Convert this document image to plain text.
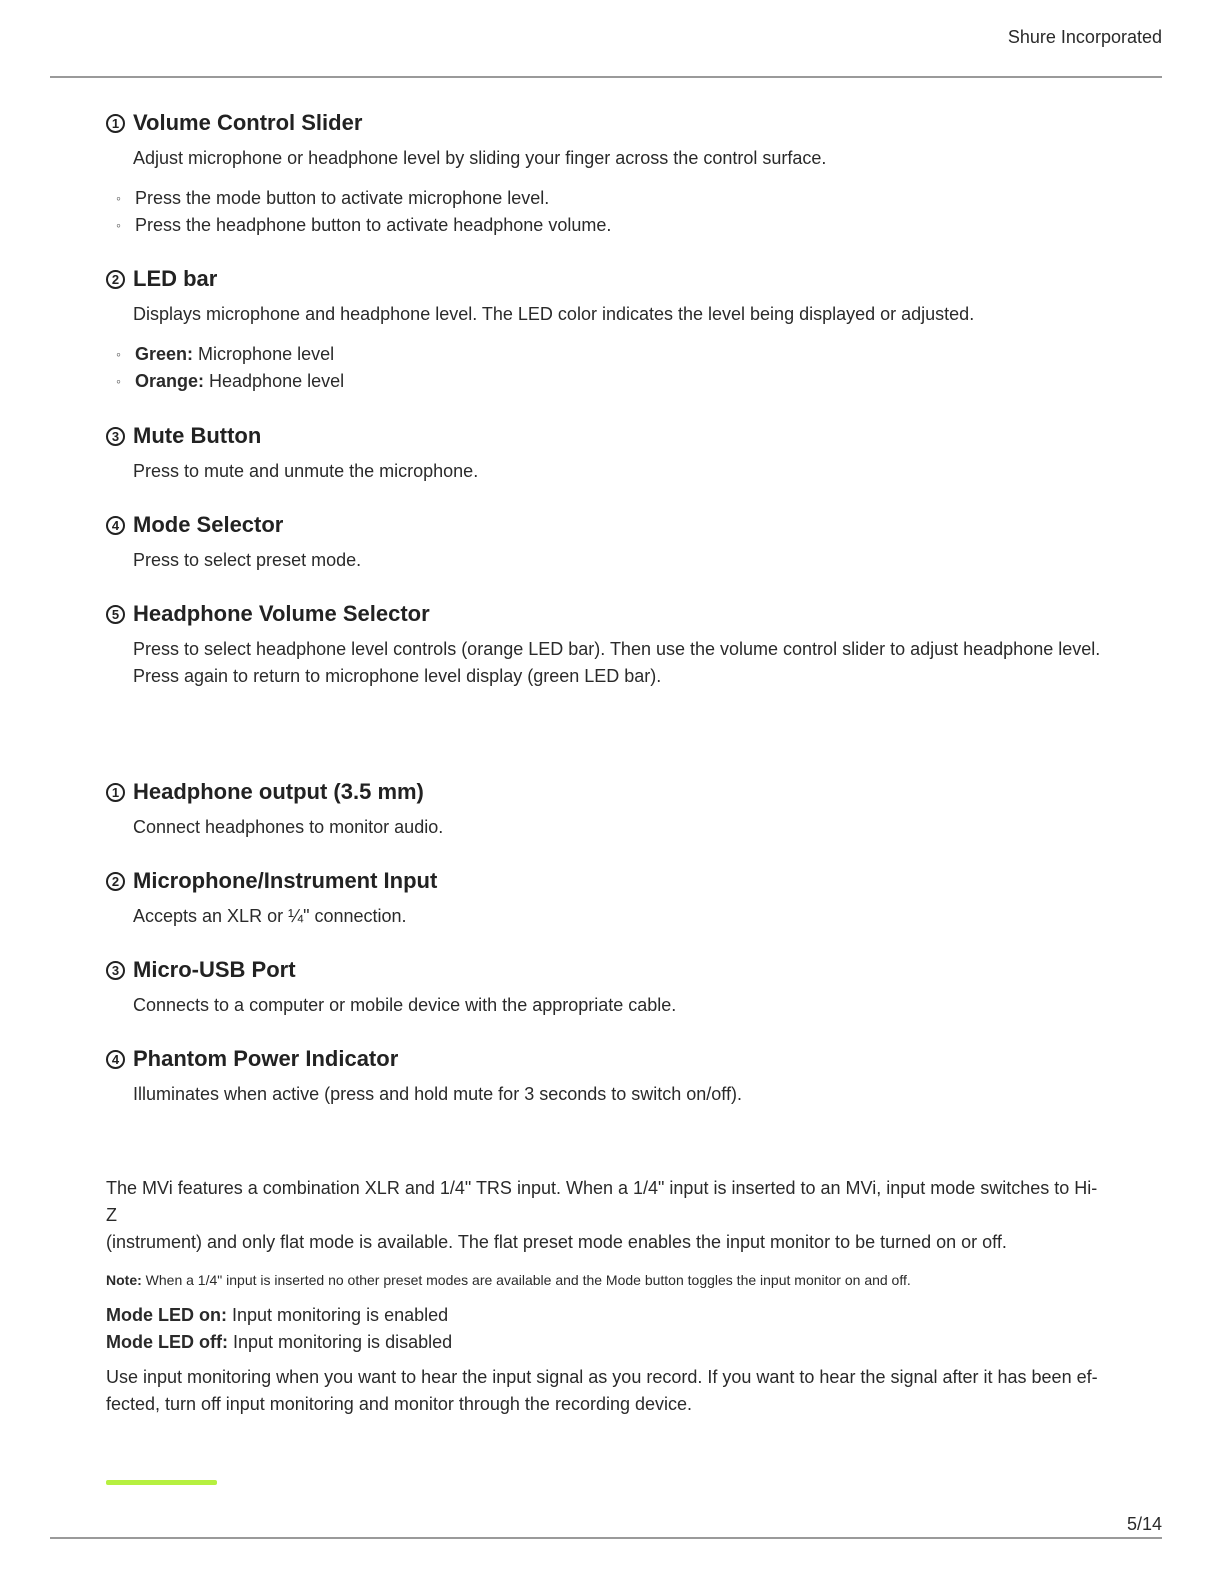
Shure Incorporated
1 Volume Control Slider

Adjust microphone or headphone level by sliding your finger across the control surface.

◦ Press the mode button to activate microphone level.
◦ Press the headphone button to activate headphone volume.
2 LED bar

Displays microphone and headphone level. The LED color indicates the level being displayed or adjusted.

◦ Green: Microphone level
◦ Orange: Headphone level
3 Mute Button

Press to mute and unmute the microphone.

4 Mode Selector

Press to select preset mode.

5 Headphone Volume Selector

Press to select headphone level controls (orange LED bar). Then use the volume control slider to adjust headphone level.
Press again to return to microphone level display (green LED bar).

1 Headphone output (3.5 mm)

Connect headphones to monitor audio.

2 Microphone/Instrument Input

Accepts an XLR or ¼" connection.

3 Micro-USB Port

Connects to a computer or mobile device with the appropriate cable.

4 Phantom Power Indicator

Illuminates when active (press and hold mute for 3 seconds to switch on/off).

The MVi features a combination XLR and 1/4" TRS input. When a 1/4" input is inserted to an MVi, input mode switches to Hi-Z
(instrument) and only flat mode is available. The flat preset mode enables the input monitor to be turned on or off.

Note: When a 1/4" input is inserted no other preset modes are available and the Mode button toggles the input monitor on and off.

Mode LED on: Input monitoring is enabled
Mode LED off: Input monitoring is disabled

Use input monitoring when you want to hear the input signal as you record. If you want to hear the signal after it has been ef-
fected, turn off input monitoring and monitor through the recording device.

5/14
